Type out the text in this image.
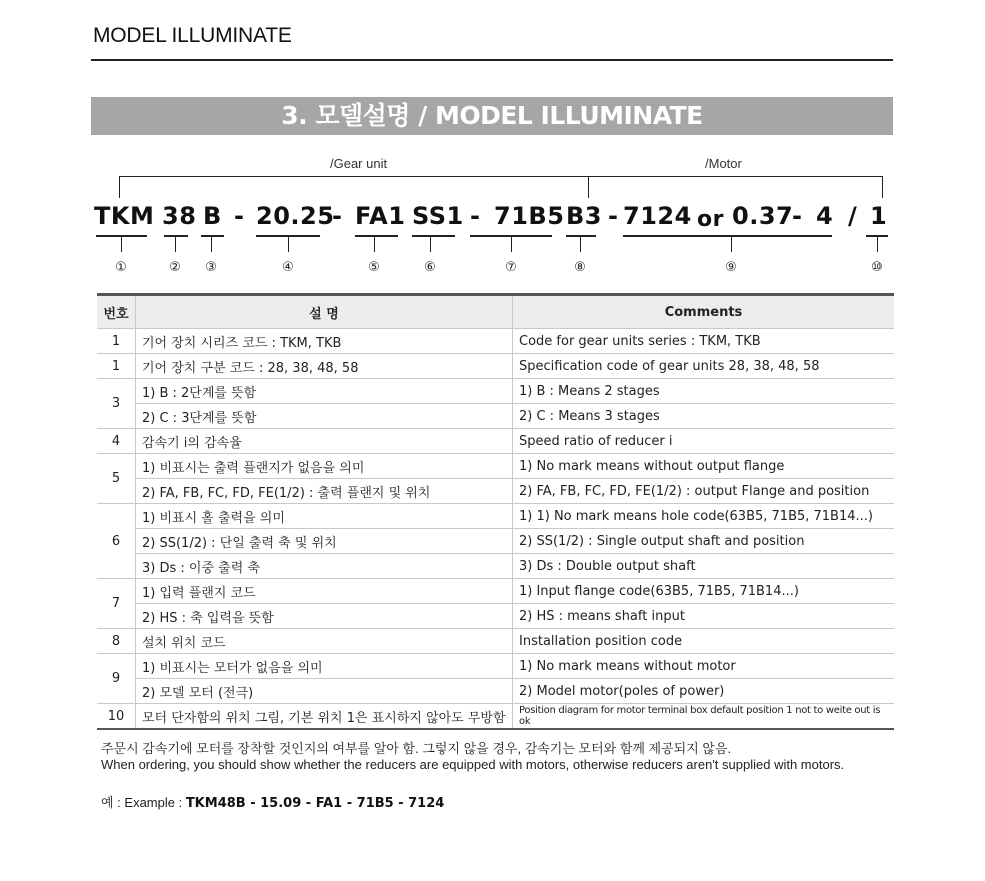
MODEL ILLUMINATE
3. 모델설명 / MODEL ILLUMINATE
/Gear unit	/Motor
TKM 38 B - 20.25
- FA1 SS1 - 71B5 B3 - 7124 or 0.37
- 4 / 1
①	②	③	④	⑤	⑥	⑦	⑧	⑨	⑩
번호	설 명	Comments
1	기어 장치 시리즈 코드 : TKM, TKB	Code for gear units series : TKM, TKB
1	기어 장치 구분 코드 : 28, 38, 48, 58	Specification code of gear units 28, 38, 48, 58
3	1) B : 2단계를 뜻함	1) B : Means 2 stages
	2) C : 3단계를 뜻함	2) C : Means 3 stages
4	감속기 i의 감속율	Speed ratio of reducer i
5	1) 비표시는 출력 플랜지가 없음을 의미	1) No mark means without output flange
	2) FA, FB, FC, FD, FE(1/2) : 출력 플랜지 및 위치	2) FA, FB, FC, FD, FE(1/2) : output Flange and position
6	1) 비표시 홀 출력을 의미	1) 1) No mark means hole code(63B5, 71B5, 71B14...)
	2) SS(1/2) : 단일 출력 축 및 위치	2) SS(1/2) : Single output shaft and position
	3) Ds : 이중 출력 축	3) Ds : Double output shaft
7	1) 입력 플랜지 코드	1) Input flange code(63B5, 71B5, 71B14...)
	2) HS : 축 입력을 뜻함	2) HS : means shaft input
8	설치 위치 코드	Installation position code
9	1) 비표시는 모터가 없음을 의미	1) No mark means without motor
	2) 모델 모터 (전극)	2) Model motor(poles of power)
10	모터 단자함의 위치 그림, 기본 위치 1은 표시하지 않아도 무방함	Position diagram for motor terminal box default position 1 not to weite out is ok
주문시 감속기에 모터를 장착할 것인지의 여부를 알아 함. 그렇지 않을 경우, 감속기는 모터와 함께 제공되지 않음.
When ordering, you should show whether the reducers are equipped with motors, otherwise reducers aren't supplied with motors.
예 : Example : TKM48B - 15.09 - FA1 - 71B5 - 7124
